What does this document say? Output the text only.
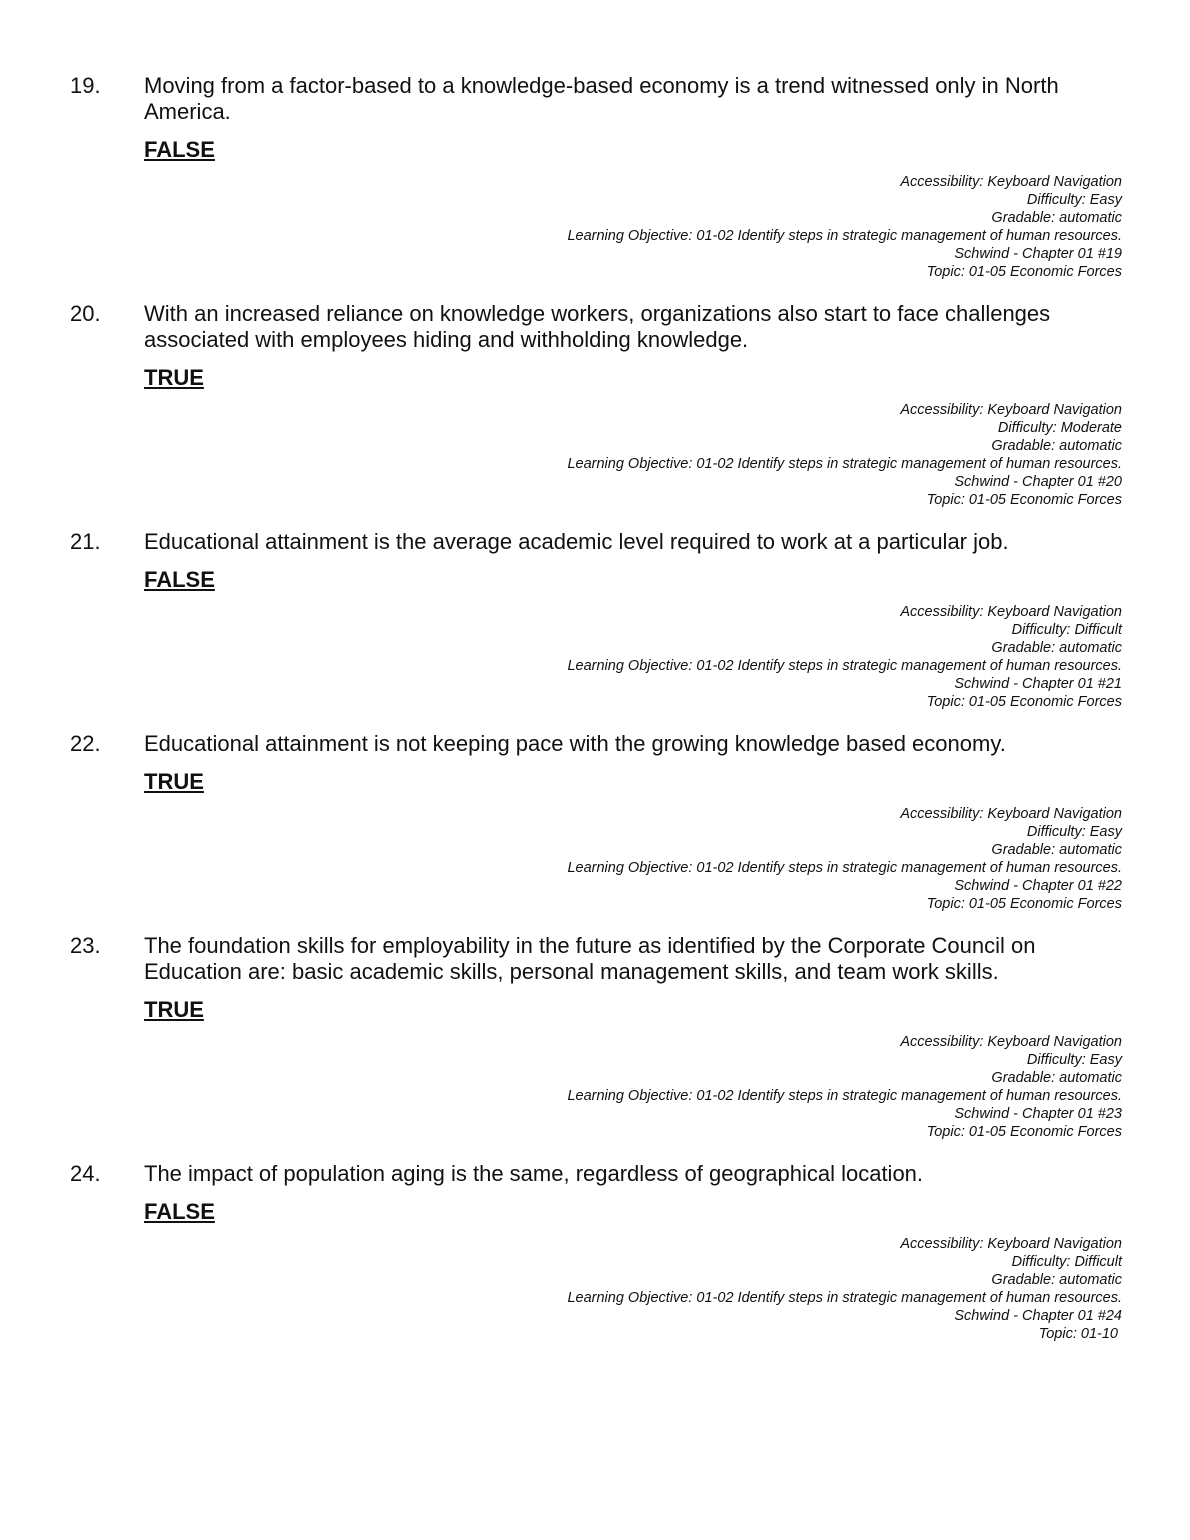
19.	Moving from a factor-based to a knowledge-based economy is a trend witnessed only in North America.
FALSE
Accessibility: Keyboard Navigation
Difficulty: Easy
Gradable: automatic
Learning Objective: 01-02 Identify steps in strategic management of human resources.
Schwind - Chapter 01 #19
Topic: 01-05 Economic Forces
20.	With an increased reliance on knowledge workers, organizations also start to face challenges associated with employees hiding and withholding knowledge.
TRUE
Accessibility: Keyboard Navigation
Difficulty: Moderate
Gradable: automatic
Learning Objective: 01-02 Identify steps in strategic management of human resources.
Schwind - Chapter 01 #20
Topic: 01-05 Economic Forces
21.	Educational attainment is the average academic level required to work at a particular job.
FALSE
Accessibility: Keyboard Navigation
Difficulty: Difficult
Gradable: automatic
Learning Objective: 01-02 Identify steps in strategic management of human resources.
Schwind - Chapter 01 #21
Topic: 01-05 Economic Forces
22.	Educational attainment is not keeping pace with the growing knowledge based economy.
TRUE
Accessibility: Keyboard Navigation
Difficulty: Easy
Gradable: automatic
Learning Objective: 01-02 Identify steps in strategic management of human resources.
Schwind - Chapter 01 #22
Topic: 01-05 Economic Forces
23.	The foundation skills for employability in the future as identified by the Corporate Council on Education are: basic academic skills, personal management skills, and team work skills.
TRUE
Accessibility: Keyboard Navigation
Difficulty: Easy
Gradable: automatic
Learning Objective: 01-02 Identify steps in strategic management of human resources.
Schwind - Chapter 01 #23
Topic: 01-05 Economic Forces
24.	The impact of population aging is the same, regardless of geographical location.
FALSE
Accessibility: Keyboard Navigation
Difficulty: Difficult
Gradable: automatic
Learning Objective: 01-02 Identify steps in strategic management of human resources.
Schwind - Chapter 01 #24
Topic: 01-10
